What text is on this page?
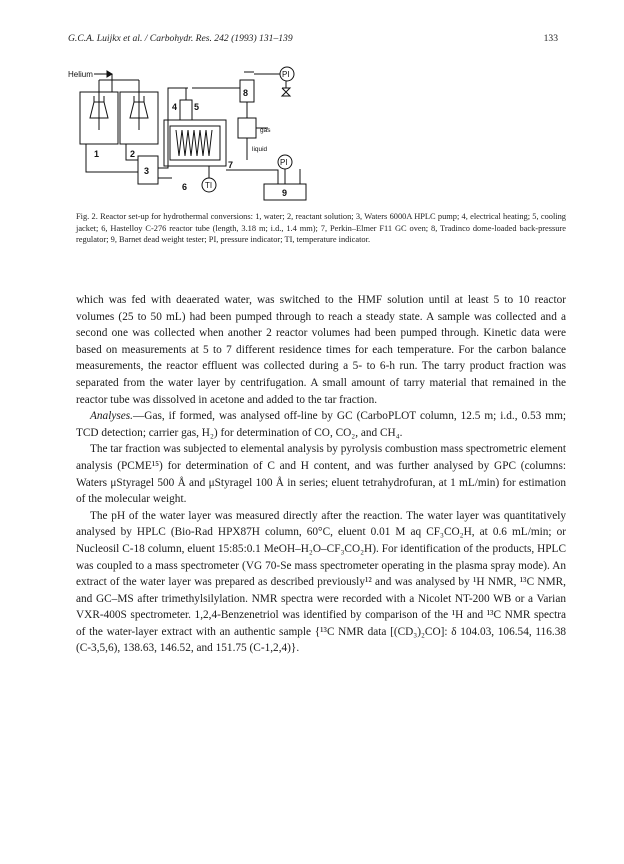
G.C.A. Luijkx et al. / Carbohydr. Res. 242 (1993) 131–139	133
Helium	PI
PI
TI
gas
liquid
1	2
3
4 5
6
7
8
9
Fig. 2. Reactor set-up for hydrothermal conversions: 1, water; 2, reactant solution; 3, Waters 6000A HPLC pump; 4, electrical heating; 5, cooling jacket; 6, Hastelloy C-276 reactor tube (length, 3.18 m; i.d., 1.4 mm); 7, Perkin–Elmer F11 GC oven; 8, Tradinco dome-loaded back-pressure regulator; 9, Barnet dead weight tester; PI, pressure indicator; TI, temperature indicator.

which was fed with deaerated water, was switched to the HMF solution until at least 5 to 10 reactor volumes (25 to 50 mL) had been pumped through to reach a steady state. A sample was collected and a second one was collected when another 2 reactor volumes had been pumped through. Kinetic data were based on measurements at 5 to 7 different residence times for each temperature. For the carbon balance measurements, the reactor effluent was collected during a 5- to 6-h run. The tarry product fraction was separated from the water layer by centrifugation. A small amount of tarry material that remained in the reactor tube was dissolved in acetone and added to the tar fraction.

Analyses.—Gas, if formed, was analysed off-line by GC (CarboPLOT column, 12.5 m; i.d., 0.53 mm; TCD detection; carrier gas, H₂) for determination of CO, CO₂, and CH₄.

The tar fraction was subjected to elemental analysis by pyrolysis combustion mass spectrometric element analysis (PCME¹⁵) for determination of C and H content, and was further analysed by GPC (columns: Waters μStyragel 500 Å and μStyragel 100 Å in series; eluent tetrahydrofuran, at 1 mL/min) for estimation of the molecular weight.

The pH of the water layer was measured directly after the reaction. The water layer was quantitatively analysed by HPLC (Bio-Rad HPX87H column, 60°C, eluent 0.01 M aq CF₃CO₂H, at 0.6 mL/min; or Nucleosil C-18 column, eluent 15:85:0.1 MeOH–H₂O–CF₃CO₂H). For identification of the products, HPLC was coupled to a mass spectrometer (VG 70-Se mass spectrometer operating in the plasma spray mode). An extract of the water layer was prepared as described previously¹² and was analysed by ¹H NMR, ¹³C NMR, and GC–MS after trimethylsilylation. NMR spectra were recorded with a Nicolet NT-200 WB or a Varian VXR-400S spectrometer. 1,2,4-Benzenetriol was identified by comparison of the ¹H and ¹³C NMR spectra of the water-layer extract with an authentic sample {¹³C NMR data [(CD₃)₂CO]: δ 104.03, 106.54, 116.38 (C-3,5,6), 138.63, 146.52, and 151.75 (C-1,2,4)}.
